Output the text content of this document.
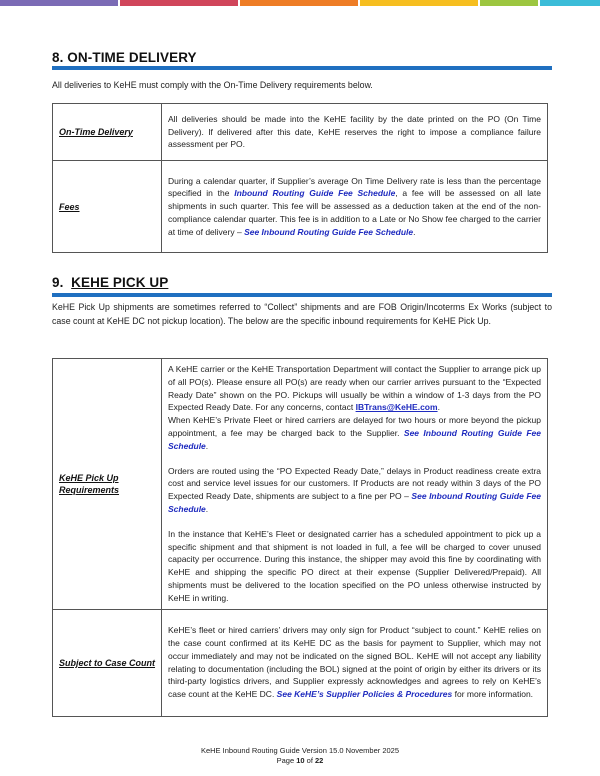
8. ON-TIME DELIVERY
All deliveries to KeHE must comply with the On-Time Delivery requirements below.
On-Time Delivery	All deliveries should be made into the KeHE facility by the date printed on the PO (On Time Delivery). If delivered after this date, KeHE reserves the right to impose a compliance failure assessment per PO.
Fees	During a calendar quarter, if Supplier’s average On Time Delivery rate is less than the percentage specified in the Inbound Routing Guide Fee Schedule, a fee will be assessed on all late shipments in such quarter. This fee will be assessed as a deduction taken at the end of the non-compliance calendar quarter. This fee is in addition to a Late or No Show fee charged to the carrier at time of delivery – See Inbound Routing Guide Fee Schedule.
9. KEHE PICK UP
KeHE Pick Up shipments are sometimes referred to “Collect” shipments and are FOB Origin/Incoterms Ex Works (subject to case count at KeHE DC not pickup location). The below are the specific inbound requirements for KeHE Pick Up.
KeHE Pick Up Requirements	A KeHE carrier or the KeHE Transportation Department will contact the Supplier to arrange pick up of all PO(s). Please ensure all PO(s) are ready when our carrier arrives pursuant to the “Expected Ready Date” shown on the PO. Pickups will usually be within a window of 1-3 days from the PO Expected Ready Date. For any concerns, contact IBTrans@KeHE.com.
When KeHE’s Private Fleet or hired carriers are delayed for two hours or more beyond the pickup appointment, a fee may be charged back to the Supplier. See Inbound Routing Guide Fee Schedule.
Orders are routed using the “PO Expected Ready Date,” delays in Product readiness create extra cost and service level issues for our customers. If Products are not ready within 3 days of the PO Expected Ready Date, shipments are subject to a fine per PO – See Inbound Routing Guide Fee Schedule.
In the instance that KeHE’s Fleet or designated carrier has a scheduled appointment to pick up a specific shipment and that shipment is not loaded in full, a fee will be charged to cover unused capacity per occurrence. During this instance, the shipper may avoid this fine by coordinating with KeHE and shipping the specific PO direct at their expense (Supplier Delivered/Prepaid). All shipments must be delivered to the location specified on the PO unless otherwise instructed by KeHE in writing.

Subject to Case Count	KeHE’s fleet or hired carriers’ drivers may only sign for Product “subject to count.” KeHE relies on the case count confirmed at its KeHE DC as the basis for payment to Supplier, which may not occur immediately and may not be indicated on the signed BOL. KeHE will not accept any liability relating to documentation (including the BOL) signed at the point of origin by either its drivers or its third-party logistics drivers, and Supplier expressly acknowledges and agrees to rely on KeHE’s case count at the KeHE DC. See KeHE’s Supplier Policies & Procedures for more information.
KeHE Inbound Routing Guide Version 15.0 November 2025
Page 10 of 22
